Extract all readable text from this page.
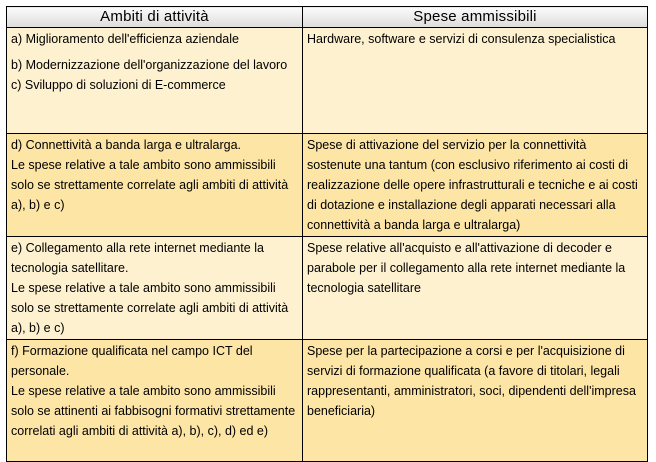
Ambiti di attività	Spese ammissibili

a) Miglioramento dell'efficienza aziendale
b) Modernizzazione dell'organizzazione del lavoro
c) Sviluppo di soluzioni di E-commerce	Hardware, software e servizi di consulenza specialistica

d) Connettività a banda larga e ultralarga.
Le spese relative a tale ambito sono ammissibili solo se strettamente correlate agli ambiti di attività a), b) e c)	Spese di attivazione del servizio per la connettività sostenute una tantum (con esclusivo riferimento ai costi di realizzazione delle opere infrastrutturali e tecniche e ai costi di dotazione e installazione degli apparati necessari alla connettività a banda larga e ultralarga)

e) Collegamento alla rete internet mediante la tecnologia satellitare.
Le spese relative a tale ambito sono ammissibili solo se strettamente correlate agli ambiti di attività a), b) e c)	Spese relative all'acquisto e all'attivazione di decoder e parabole per il collegamento alla rete internet mediante la tecnologia satellitare

f) Formazione qualificata nel campo ICT del personale.
Le spese relative a tale ambito sono ammissibili solo se attinenti ai fabbisogni formativi strettamente correlati agli ambiti di attività a), b), c), d) ed e)	Spese per la partecipazione a corsi e per l'acquisizione di servizi di formazione qualificata (a favore di titolari, legali rappresentanti, amministratori, soci, dipendenti dell'impresa beneficiaria)
